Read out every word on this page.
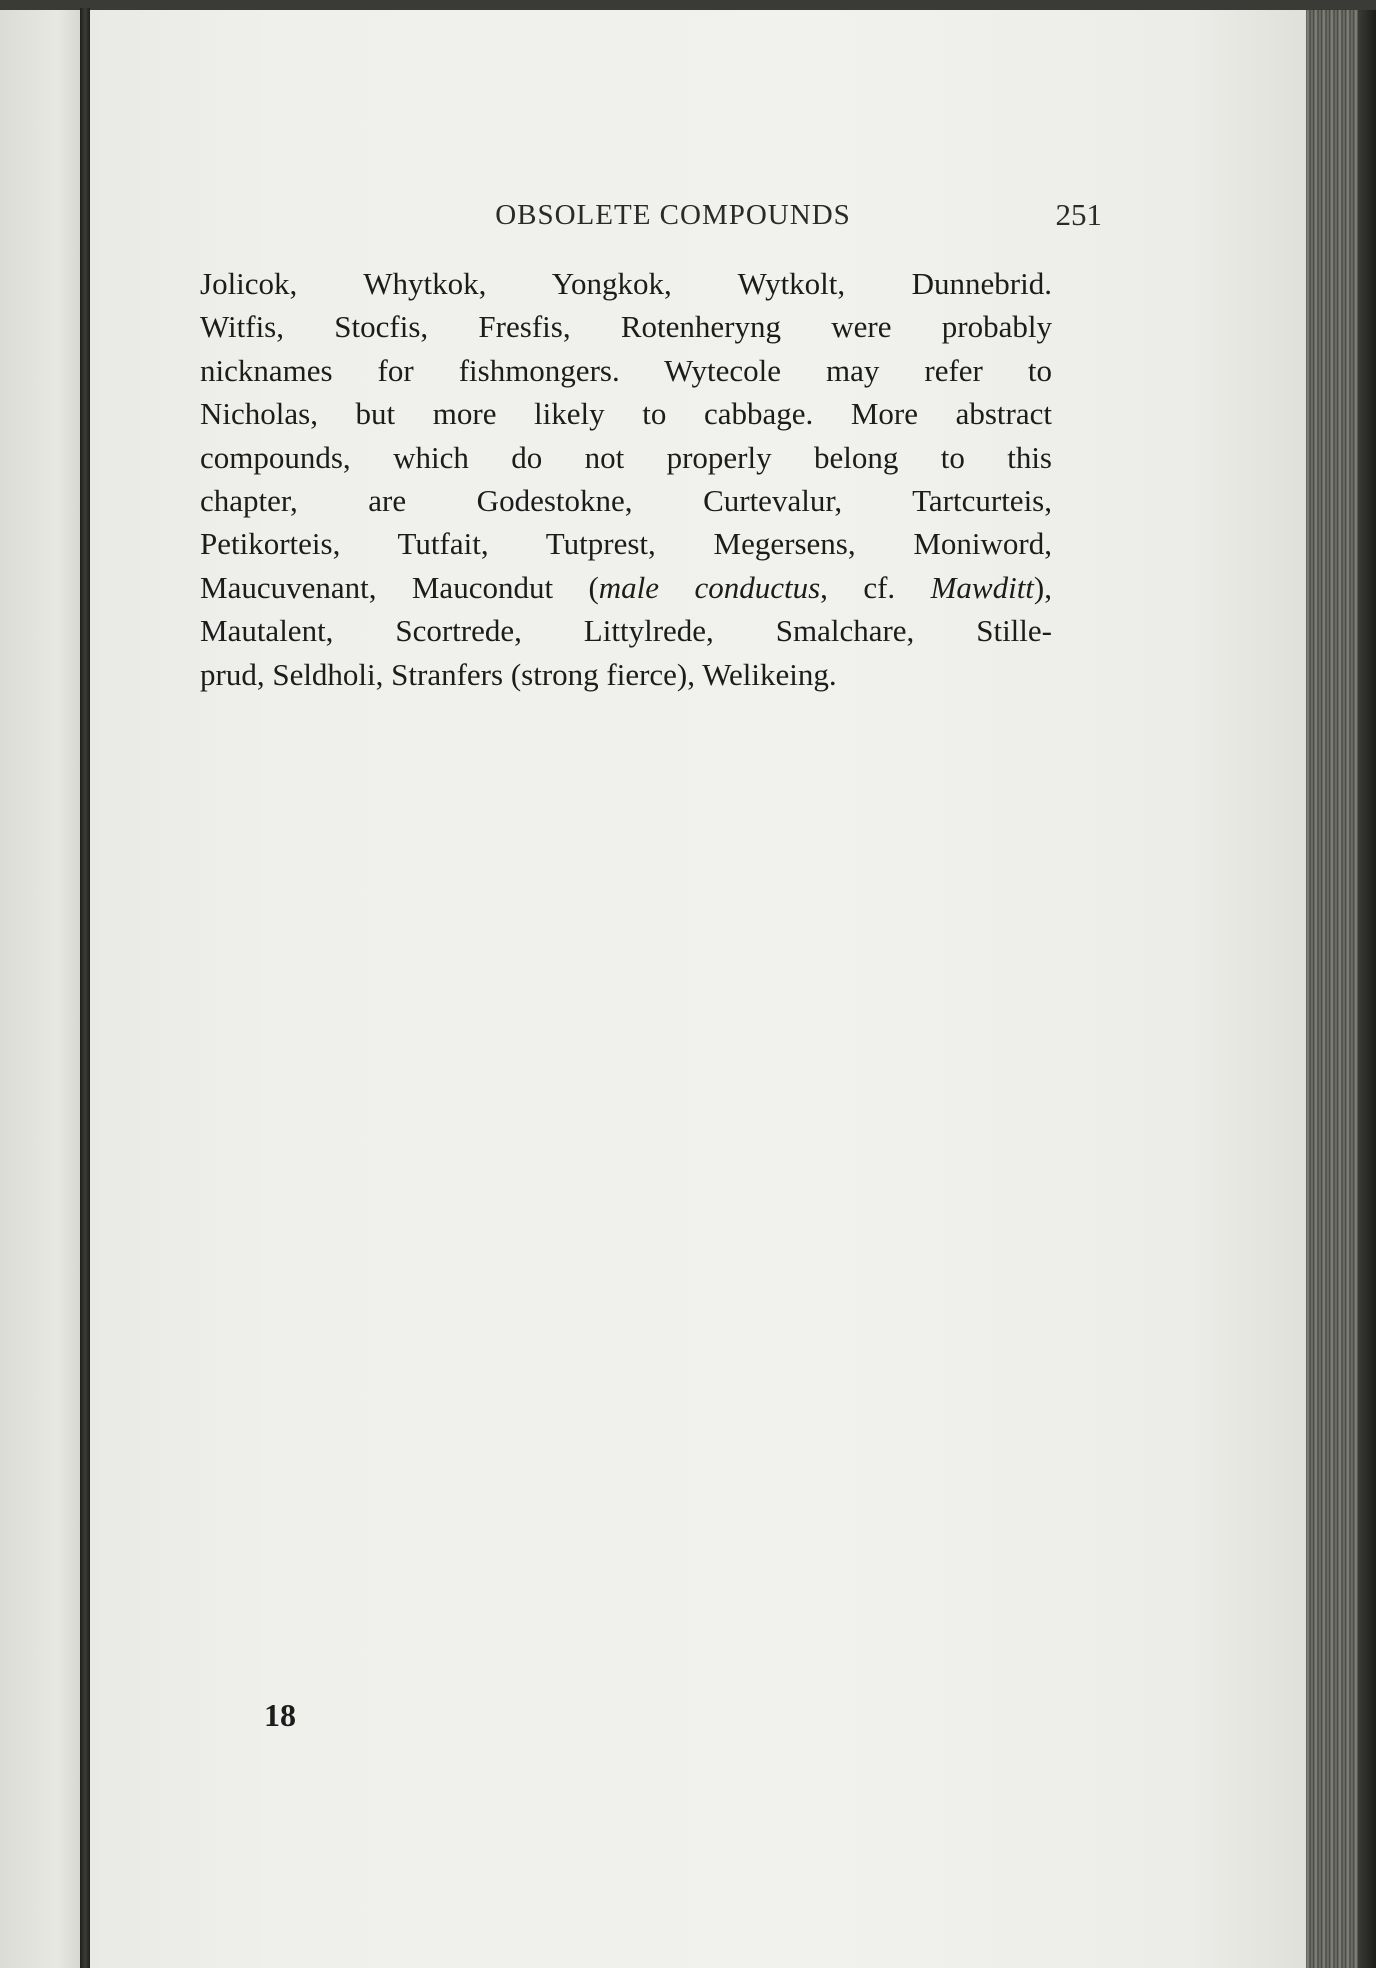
OBSOLETE COMPOUNDS	251
Jolicok, Whytkok, Yongkok, Wytkolt, Dunnebrid.
Witfis, Stocfis, Fresfis, Rotenheryng were probably
nicknames for fishmongers. Wytecole may refer to
Nicholas, but more likely to cabbage. More abstract
compounds, which do not properly belong to this
chapter, are Godestokne, Curtevalur, Tartcurteis,
Petikorteis, Tutfait, Tutprest, Megersens, Moniword,
Maucuvenant, Maucondut (male conductus, cf. Mawditt),
Mautalent, Scortrede, Littylrede, Smalchare, Stille-
prud, Seldholi, Stranfers (strong fierce), Welikeing.
18
